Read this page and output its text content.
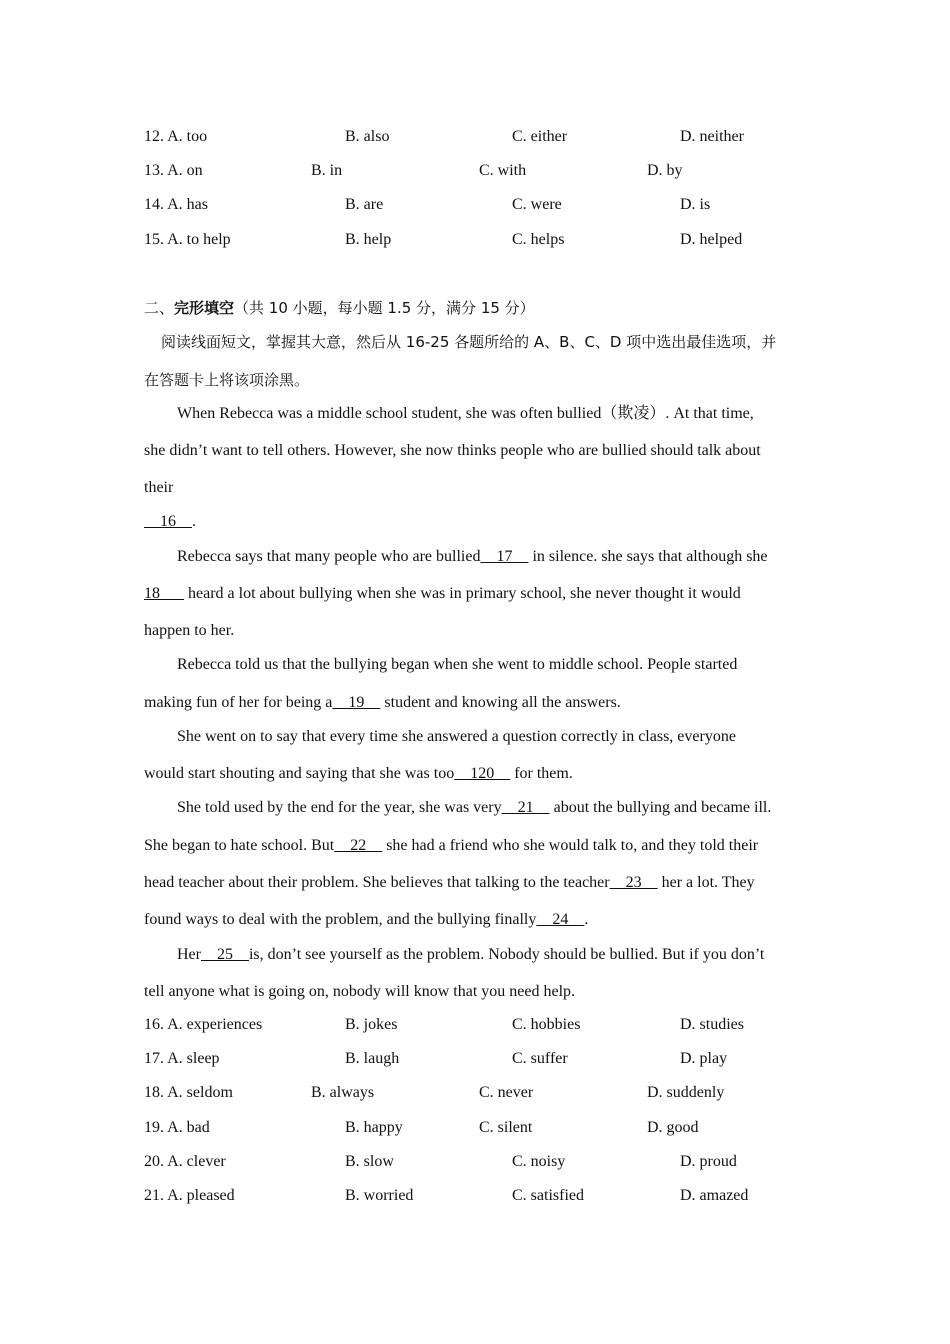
12. A. too	B. also	C. either	D. neither
13. A. on	B. in	C. with	D. by
14. A. has	B. are	C. were	D. is
15. A. to help	B. help	C. helps	D. helped
二、完形填空（共 10 小题，每小题 1.5 分，满分 15 分）
阅读线面短文，掌握其大意，然后从 16-25 各题所给的 A、B、C、D 项中选出最佳选项，并
在答题卡上将该项涂黑。
When Rebecca was a middle school student, she was often bullied（欺凌）. At that time,
she didn’t want to tell others. However, she now thinks people who are bullied should talk about
their
16    .
Rebecca says that many people who are bullied    17     in silence. she says that although she
18       heard a lot about bullying when she was in primary school, she never thought it would
happen to her.
Rebecca told us that the bullying began when she went to middle school. People started
making fun of her for being a    19     student and knowing all the answers.
She went on to say that every time she answered a question correctly in class, everyone
would start shouting and saying that she was too    120     for them.
She told used by the end for the year, she was very    21     about the bullying and became ill.
She began to hate school. But    22     she had a friend who she would talk to, and they told their
head teacher about their problem. She believes that talking to the teacher    23     her a lot. They
found ways to deal with the problem, and the bullying finally    24    .
Her    25    is, don’t see yourself as the problem. Nobody should be bullied. But if you don’t
tell anyone what is going on, nobody will know that you need help.
16. A. experiences	B. jokes	C. hobbies	D. studies
17. A. sleep	B. laugh	C. suffer	D. play
18. A. seldom	B. always	C. never	D. suddenly
19. A. bad	B. happy	C. silent	D. good
20. A. clever	B. slow	C. noisy	D. proud
21. A. pleased	B. worried	C. satisfied	D. amazed
